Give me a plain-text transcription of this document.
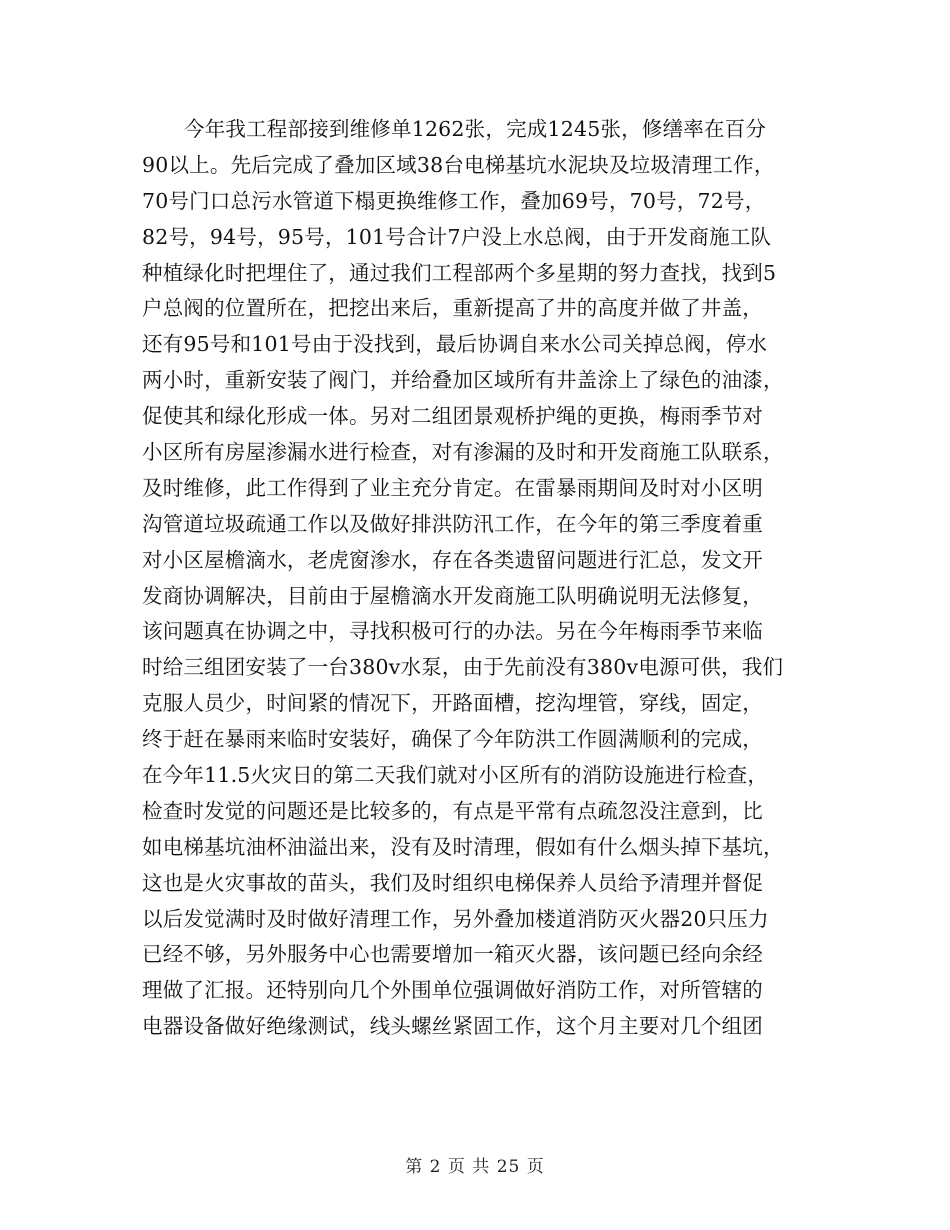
今年我工程部接到维修单1262张，完成1245张，修缮率在百分
90以上。先后完成了叠加区域38台电梯基坑水泥块及垃圾清理工作，
70号门口总污水管道下榻更换维修工作，叠加69号，70号，72号，
82号，94号，95号，101号合计7户没上水总阀，由于开发商施工队
种植绿化时把埋住了，通过我们工程部两个多星期的努力查找，找到5
户总阀的位置所在，把挖出来后，重新提高了井的高度并做了井盖，
还有95号和101号由于没找到，最后协调自来水公司关掉总阀，停水
两小时，重新安装了阀门，并给叠加区域所有井盖涂上了绿色的油漆，
促使其和绿化形成一体。另对二组团景观桥护绳的更换，梅雨季节对
小区所有房屋渗漏水进行检查，对有渗漏的及时和开发商施工队联系，
及时维修，此工作得到了业主充分肯定。在雷暴雨期间及时对小区明
沟管道垃圾疏通工作以及做好排洪防汛工作，在今年的第三季度着重
对小区屋檐滴水，老虎窗渗水，存在各类遗留问题进行汇总，发文开
发商协调解决，目前由于屋檐滴水开发商施工队明确说明无法修复，
该问题真在协调之中，寻找积极可行的办法。另在今年梅雨季节来临
时给三组团安装了一台380v水泵，由于先前没有380v电源可供，我们
克服人员少，时间紧的情况下，开路面槽，挖沟埋管，穿线，固定，
终于赶在暴雨来临时安装好，确保了今年防洪工作圆满顺利的完成，
在今年11.5火灾日的第二天我们就对小区所有的消防设施进行检查，
检查时发觉的问题还是比较多的，有点是平常有点疏忽没注意到，比
如电梯基坑油杯油溢出来，没有及时清理，假如有什么烟头掉下基坑，
这也是火灾事故的苗头，我们及时组织电梯保养人员给予清理并督促
以后发觉满时及时做好清理工作，另外叠加楼道消防灭火器20只压力
已经不够，另外服务中心也需要增加一箱灭火器，该问题已经向余经
理做了汇报。还特别向几个外围单位强调做好消防工作，对所管辖的
电器设备做好绝缘测试，线头螺丝紧固工作，这个月主要对几个组团
第 2 页 共 25 页
